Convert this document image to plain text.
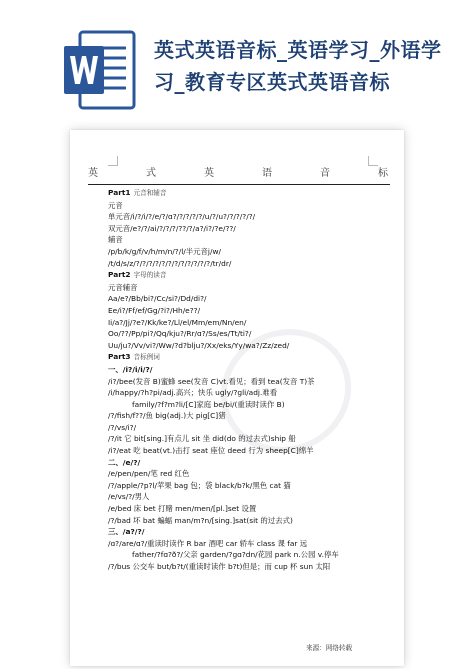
英式英语音标_英语学习_外语学习_教育专区英式英语音标
英	式	英	语	音	标
Part1 元音和辅音
元音
单元音/i/?/i/?/e/?/ɑ?/?/?/?/?/u/?/u?/?/?/?/?/
双元音/e?/?/ai/?/?/?/??/?/a?/i?/?e/??/
辅音
/p/b/k/g/f/v/h/m/n/?/l/半元音j/w/
/t/d/s/z/?/?/?/?/?/?/?/?/?/?/?/?/tr/dr/
Part2 字母的读音
元音辅音
Aa/e?/Bb/bi?/Cc/si?/Dd/di?/
Ee/i?/Ff/ef/Gg/?i?/Hh/e??/
Ii/a?/Jj/?e?/Kk/ke?/Ll/el/Mm/em/Nn/en/
Oo/??/Pp/pi?/Qq/kju?/Rr/ɑ?/Ss/es/Tt/ti?/
Uu/ju?/Vv/vi?/Ww/?d?blju?/Xx/eks/Yy/wa?/Zz/zed/
Part3 音标例词
一、/i?/i/i/?/
/i?/bee(发音 B)蜜蜂 see(发音 C)vt.看见；看到 tea(发音 T)茶
/i/happy/?h?pi/adj.高兴；快乐 ugly/?ɡli/adj.难看
family/?f?m?li/[C]家庭 be/bi/(重读时读作 B)
/?/fish/f??/鱼 big(adj.)大 pig[C]猪
/?/vs/i?/
/?/it 它 bit[sing.]有点儿 sit 坐 did(do 的过去式)ship 船
/i?/eat 吃 beat(vt.)击打 seat 座位 deed 行为 sheep[C]绵羊
二、/e/?/
/e/pen/pen/笔 red 红色
/?/apple/?p?l/苹果 bag 包；袋 black/b?k/黑色 cat 猫
/e/vs/?/男人
/e/bed 床 bet 打赌 men/men/[pl.]set 设置
/?/bad 坏 bat 蝙蝠 man/m?n/[sing.]sat(sit 的过去式)
三、/a?/?/
/ɑ?/are/ɑ?/重读时读作 R bar 酒吧 car 轿车 class 课 far 远
father/?fɑ?ð?/父亲 garden/?ɡɑ?dn/花园 park n.公园 v.停车
/?/bus 公交车 but/b?t/(重读时读作 b?t)但是；而 cup 杯 sun 太阳
来源：网络转载
